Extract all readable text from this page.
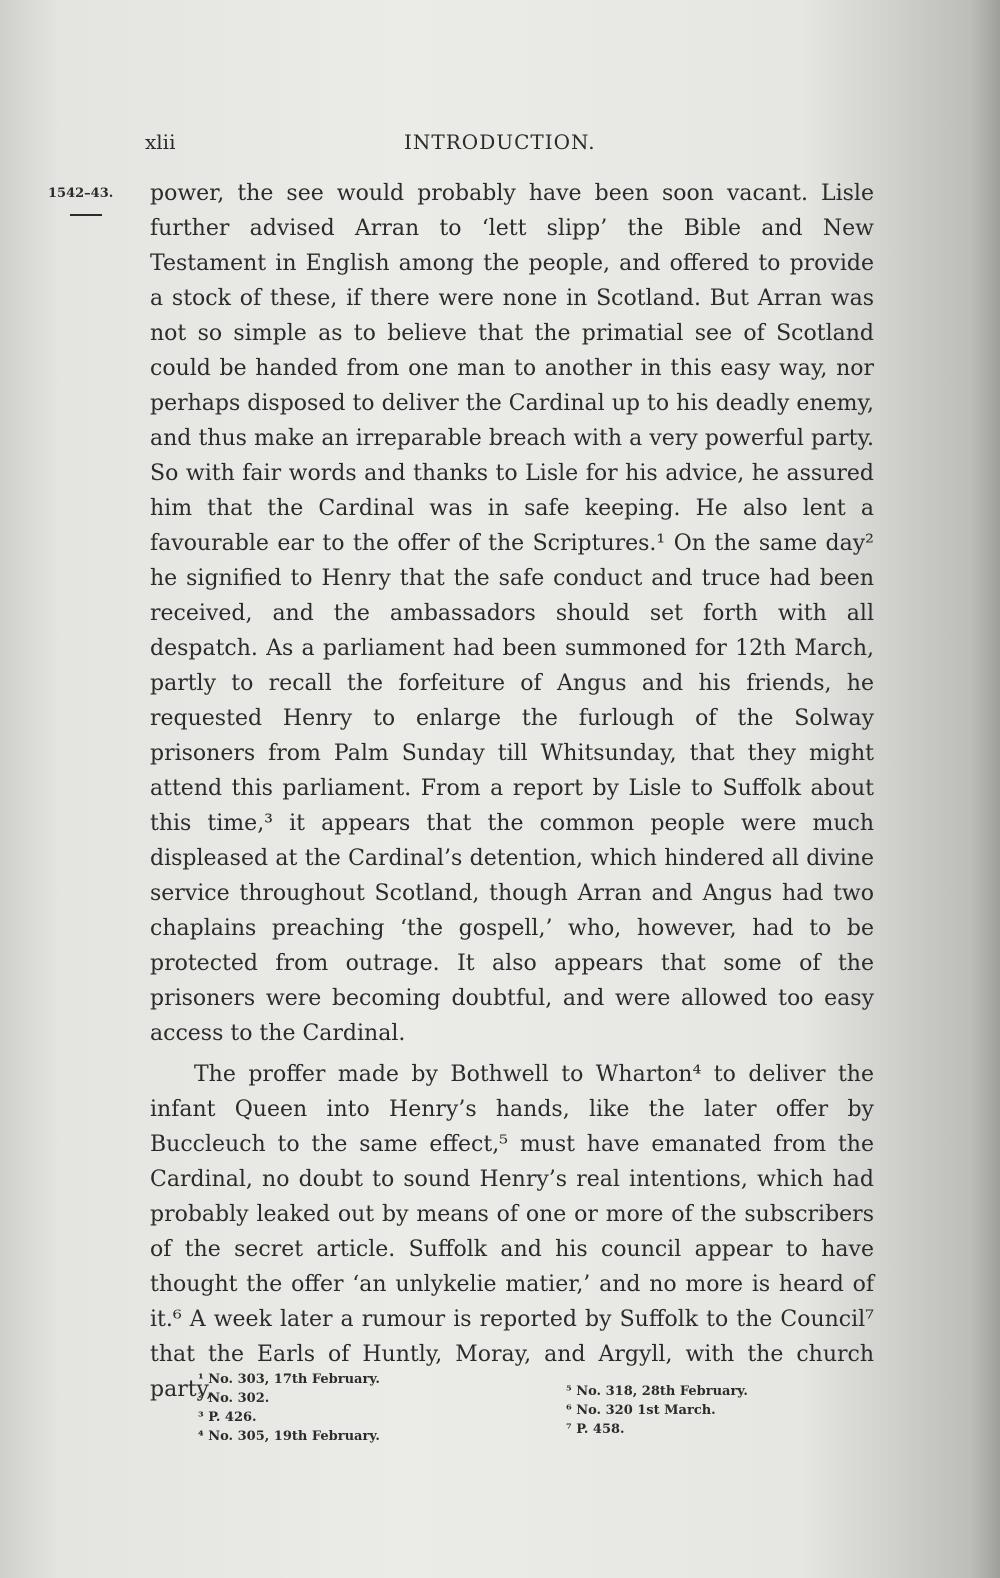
xlii	INTRODUCTION.
1542–43. power, the see would probably have been soon vacant. Lisle further advised Arran to ‘lett slipp’ the Bible and New Testament in English among the people, and offered to provide a stock of these, if there were none in Scotland. But Arran was not so simple as to believe that the primatial see of Scotland could be handed from one man to another in this easy way, nor perhaps disposed to deliver the Cardinal up to his deadly enemy, and thus make an irreparable breach with a very powerful party. So with fair words and thanks to Lisle for his advice, he assured him that the Cardinal was in safe keeping. He also lent a favourable ear to the offer of the Scriptures.¹ On the same day² he signified to Henry that the safe conduct and truce had been received, and the ambassadors should set forth with all despatch. As a parliament had been summoned for 12th March, partly to recall the forfeiture of Angus and his friends, he requested Henry to enlarge the furlough of the Solway prisoners from Palm Sunday till Whitsunday, that they might attend this parliament. From a report by Lisle to Suffolk about this time,³ it appears that the common people were much displeased at the Cardinal’s detention, which hindered all divine service throughout Scotland, though Arran and Angus had two chaplains preaching ‘the gospell,’ who, however, had to be protected from outrage. It also appears that some of the prisoners were becoming doubtful, and were allowed too easy access to the Cardinal.

The proffer made by Bothwell to Wharton⁴ to deliver the infant Queen into Henry’s hands, like the later offer by Buccleuch to the same effect,⁵ must have emanated from the Cardinal, no doubt to sound Henry’s real intentions, which had probably leaked out by means of one or more of the subscribers of the secret article. Suffolk and his council appear to have thought the offer ‘an unlykelie matier,’ and no more is heard of it.⁶ A week later a rumour is reported by Suffolk to the Council⁷ that the Earls of Huntly, Moray, and Argyll, with the church party,

¹ No. 303, 17th February.
² No. 302.
³ P. 426.
⁴ No. 305, 19th February.
⁵ No. 318, 28th February.
⁶ No. 320 1st March.
⁷ P. 458.
